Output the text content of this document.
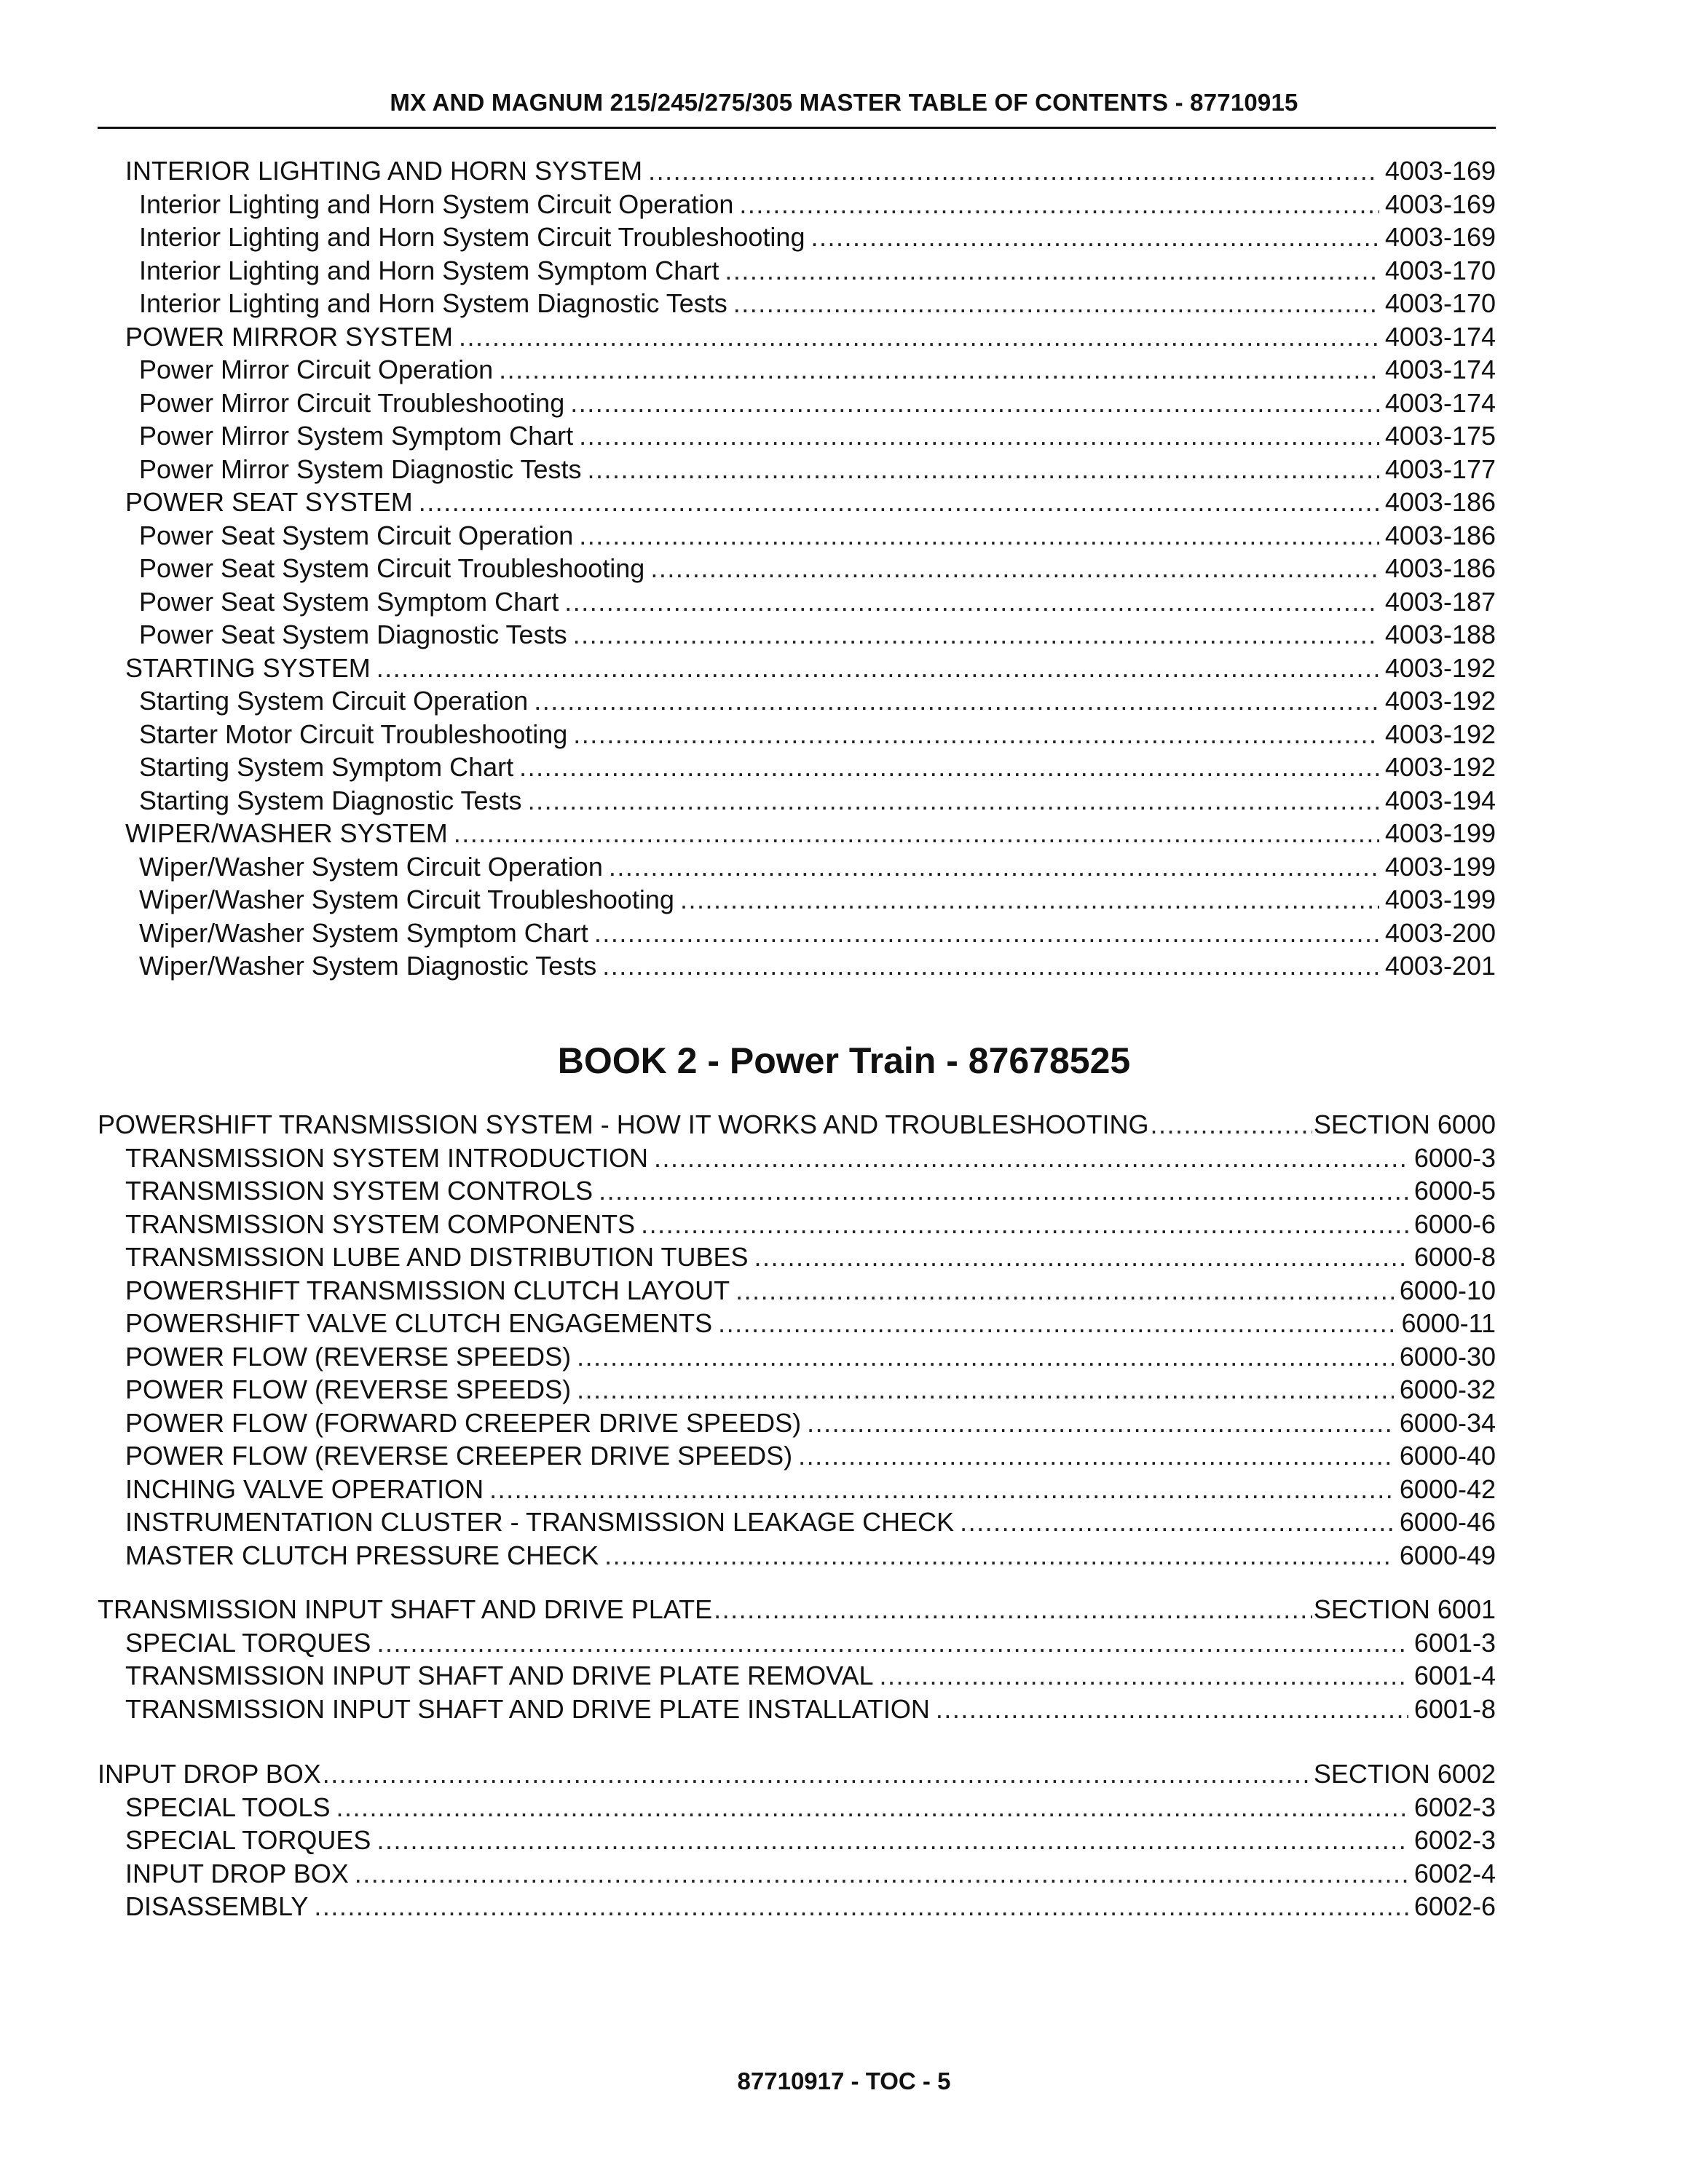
MX AND MAGNUM 215/245/275/305 MASTER TABLE OF CONTENTS - 87710915
INTERIOR LIGHTING AND HORN SYSTEM .....	4003-169
Interior Lighting and Horn System Circuit Operation .....	4003-169
Interior Lighting and Horn System Circuit Troubleshooting .....	4003-169
Interior Lighting and Horn System Symptom Chart .....	4003-170
Interior Lighting and Horn System Diagnostic Tests .....	4003-170
POWER MIRROR SYSTEM .....	4003-174
Power Mirror Circuit Operation .....	4003-174
Power Mirror Circuit Troubleshooting .....	4003-174
Power Mirror System Symptom Chart .....	4003-175
Power Mirror System Diagnostic Tests .....	4003-177
POWER SEAT SYSTEM .....	4003-186
Power Seat System Circuit Operation .....	4003-186
Power Seat System Circuit Troubleshooting .....	4003-186
Power Seat System Symptom Chart .....	4003-187
Power Seat System Diagnostic Tests .....	4003-188
STARTING SYSTEM .....	4003-192
Starting System Circuit Operation .....	4003-192
Starter Motor Circuit Troubleshooting .....	4003-192
Starting System Symptom Chart .....	4003-192
Starting System Diagnostic Tests .....	4003-194
WIPER/WASHER SYSTEM .....	4003-199
Wiper/Washer System Circuit Operation .....	4003-199
Wiper/Washer System Circuit Troubleshooting .....	4003-199
Wiper/Washer System Symptom Chart .....	4003-200
Wiper/Washer System Diagnostic Tests .....	4003-201
BOOK 2 - Power Train - 87678525
POWERSHIFT TRANSMISSION SYSTEM - HOW IT WORKS AND TROUBLESHOOTING .....	SECTION 6000
TRANSMISSION SYSTEM INTRODUCTION .....	6000-3
TRANSMISSION SYSTEM CONTROLS .....	6000-5
TRANSMISSION SYSTEM COMPONENTS .....	6000-6
TRANSMISSION LUBE AND DISTRIBUTION TUBES .....	6000-8
POWERSHIFT TRANSMISSION CLUTCH LAYOUT .....	6000-10
POWERSHIFT VALVE CLUTCH ENGAGEMENTS .....	6000-11
POWER FLOW (REVERSE SPEEDS) .....	6000-30
POWER FLOW (REVERSE SPEEDS) .....	6000-32
POWER FLOW (FORWARD CREEPER DRIVE SPEEDS) .....	6000-34
POWER FLOW (REVERSE CREEPER DRIVE SPEEDS) .....	6000-40
INCHING VALVE OPERATION .....	6000-42
INSTRUMENTATION CLUSTER - TRANSMISSION LEAKAGE CHECK .....	6000-46
MASTER CLUTCH PRESSURE CHECK .....	6000-49
TRANSMISSION INPUT SHAFT AND DRIVE PLATE .....	SECTION 6001
SPECIAL TORQUES .....	6001-3
TRANSMISSION INPUT SHAFT AND DRIVE PLATE REMOVAL .....	6001-4
TRANSMISSION INPUT SHAFT AND DRIVE PLATE INSTALLATION .....	6001-8
INPUT DROP BOX .....	SECTION 6002
SPECIAL TOOLS .....	6002-3
SPECIAL TORQUES .....	6002-3
INPUT DROP BOX .....	6002-4
DISASSEMBLY .....	6002-6
87710917 - TOC - 5
